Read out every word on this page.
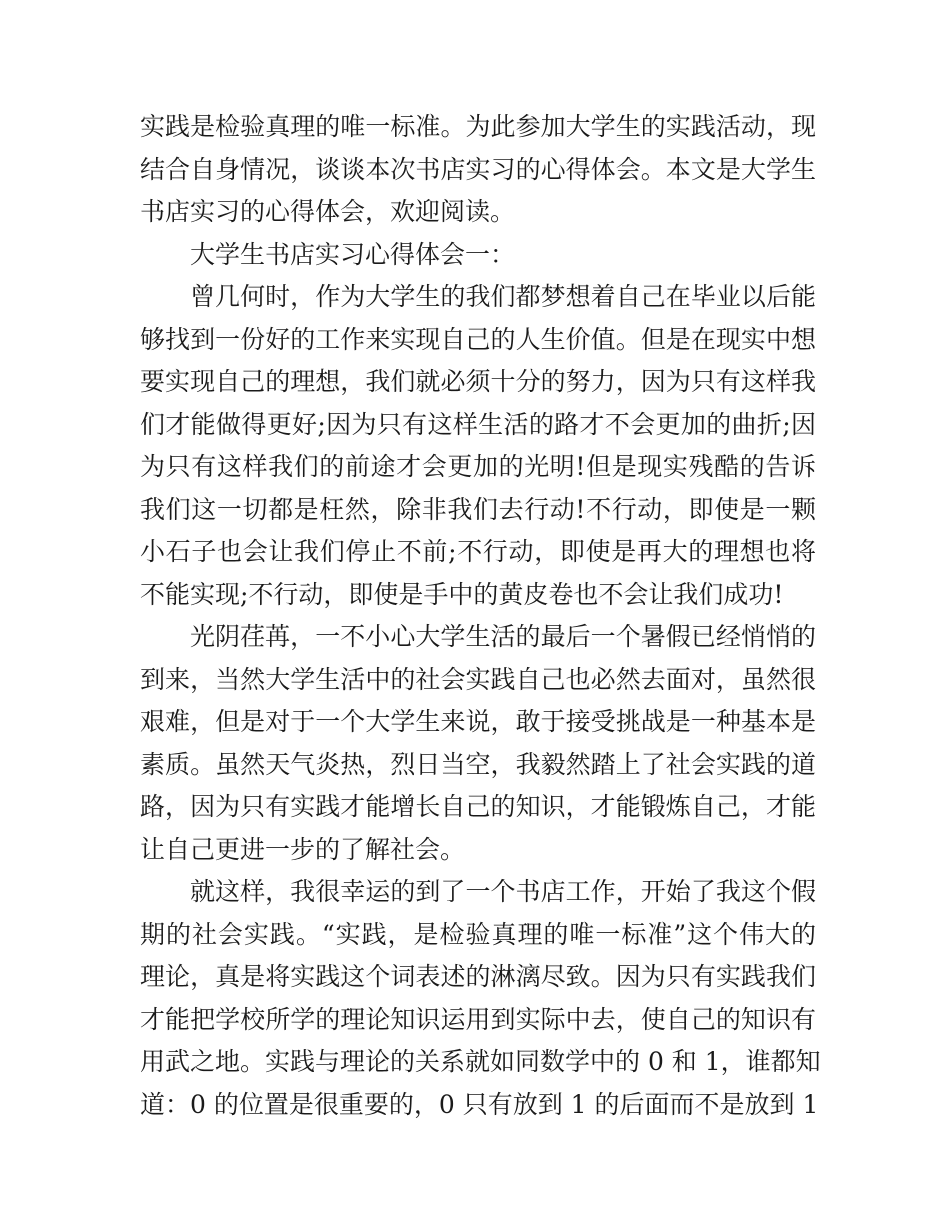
实践是检验真理的唯一标准。为此参加大学生的实践活动，现
结合自身情况，谈谈本次书店实习的心得体会。本文是大学生
书店实习的心得体会，欢迎阅读。
大学生书店实习心得体会一：
曾几何时，作为大学生的我们都梦想着自己在毕业以后能
够找到一份好的工作来实现自己的人生价值。但是在现实中想
要实现自己的理想，我们就必须十分的努力，因为只有这样我
们才能做得更好;因为只有这样生活的路才不会更加的曲折;因
为只有这样我们的前途才会更加的光明!但是现实残酷的告诉
我们这一切都是枉然，除非我们去行动!不行动，即使是一颗
小石子也会让我们停止不前;不行动，即使是再大的理想也将
不能实现;不行动，即使是手中的黄皮卷也不会让我们成功!
光阴荏苒，一不小心大学生活的最后一个暑假已经悄悄的
到来，当然大学生活中的社会实践自己也必然去面对，虽然很
艰难，但是对于一个大学生来说，敢于接受挑战是一种基本是
素质。虽然天气炎热，烈日当空，我毅然踏上了社会实践的道
路，因为只有实践才能增长自己的知识，才能锻炼自己，才能
让自己更进一步的了解社会。
就这样，我很幸运的到了一个书店工作，开始了我这个假
期的社会实践。“实践，是检验真理的唯一标准”这个伟大的
理论，真是将实践这个词表述的淋漓尽致。因为只有实践我们
才能把学校所学的理论知识运用到实际中去，使自己的知识有
用武之地。实践与理论的关系就如同数学中的 0 和 1，谁都知
道：0 的位置是很重要的，0 只有放到 1 的后面而不是放到 1
